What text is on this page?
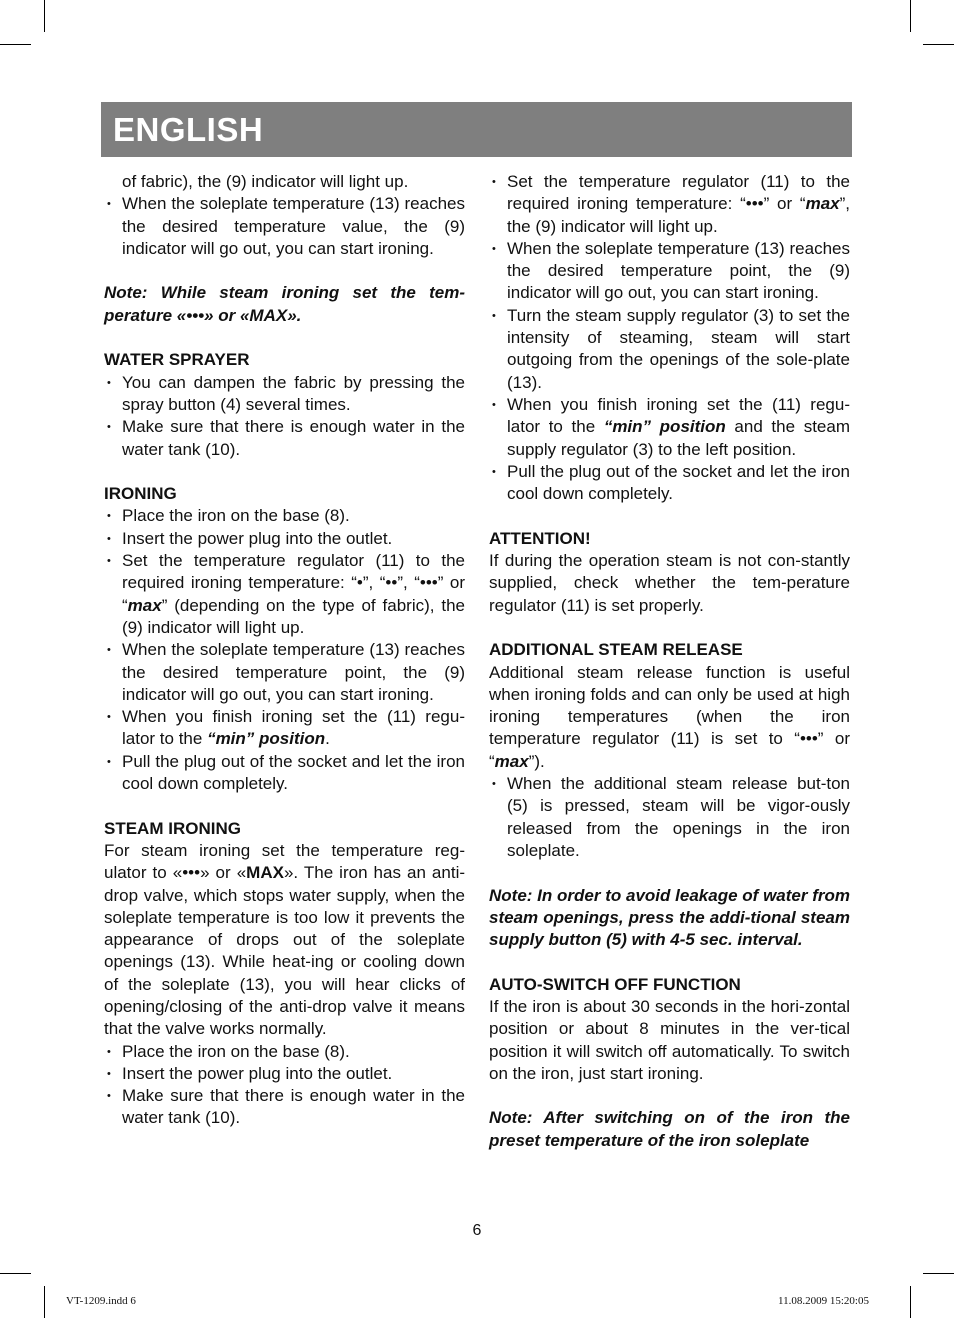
ENGLISH

of fabric), the (9) indicator will light up.

• When the soleplate temperature (13) reaches the desired temperature value, the (9) indicator will go out, you can start ironing.

Note: While steam ironing set the tem-perature «•••» or «MAX».

WATER SPRAYER

• You can dampen the fabric by pressing the spray button (4) several times.
• Make sure that there is enough water in the water tank (10).

IRONING

• Place the iron on the base (8).
• Insert the power plug into the outlet.
• Set the temperature regulator (11) to the required ironing temperature: “•”, “••”, “•••” or “max” (depending on the type of fabric), the (9) indicator will light up.
• When the soleplate temperature (13) reaches the desired temperature point, the (9) indicator will go out, you can start ironing.
• When you finish ironing set the (11) regu-lator to the “min” position.
• Pull the plug out of the socket and let the iron cool down completely.

STEAM IRONING

For steam ironing set the temperature reg-ulator to «•••» or «MAX». The iron has an anti-drop valve, which stops water supply, when the soleplate temperature is too low it prevents the appearance of drops out of the soleplate openings (13). While heat-ing or cooling down of the soleplate (13), you will hear clicks of opening/closing of the anti-drop valve it means that the valve works normally.

• Place the iron on the base (8).
• Insert the power plug into the outlet.
• Make sure that there is enough water in the water tank (10).
• Set the temperature regulator (11) to the required ironing temperature: “•••” or “max”, the (9) indicator will light up.
• When the soleplate temperature (13) reaches the desired temperature point, the (9) indicator will go out, you can start ironing.
• Turn the steam supply regulator (3) to set the intensity of steaming, steam will start outgoing from the openings of the sole-plate (13).
• When you finish ironing set the (11) regu-lator to the “min” position and the steam supply regulator (3) to the left position.
• Pull the plug out of the socket and let the iron cool down completely.

ATTENTION!

If during the operation steam is not con-stantly supplied, check whether the tem-perature regulator (11) is set properly.

ADDITIONAL STEAM RELEASE

Additional steam release function is useful when ironing folds and can only be used at high ironing temperatures (when the iron temperature regulator (11) is set to “•••” or “max”).

• When the additional steam release but-ton (5) is pressed, steam will be vigor-ously released from the openings in the iron soleplate.

Note: In order to avoid leakage of water from steam openings, press the addi-tional steam supply button (5) with 4-5 sec. interval.

AUTO-SWITCH OFF FUNCTION

If the iron is about 30 seconds in the hori-zontal position or about 8 minutes in the ver-tical position it will switch off automatically. To switch on the iron, just start ironing.

Note: After switching on of the iron the preset temperature of the iron soleplate

6
VT-1209.indd 6	11.08.2009 15:20:05
